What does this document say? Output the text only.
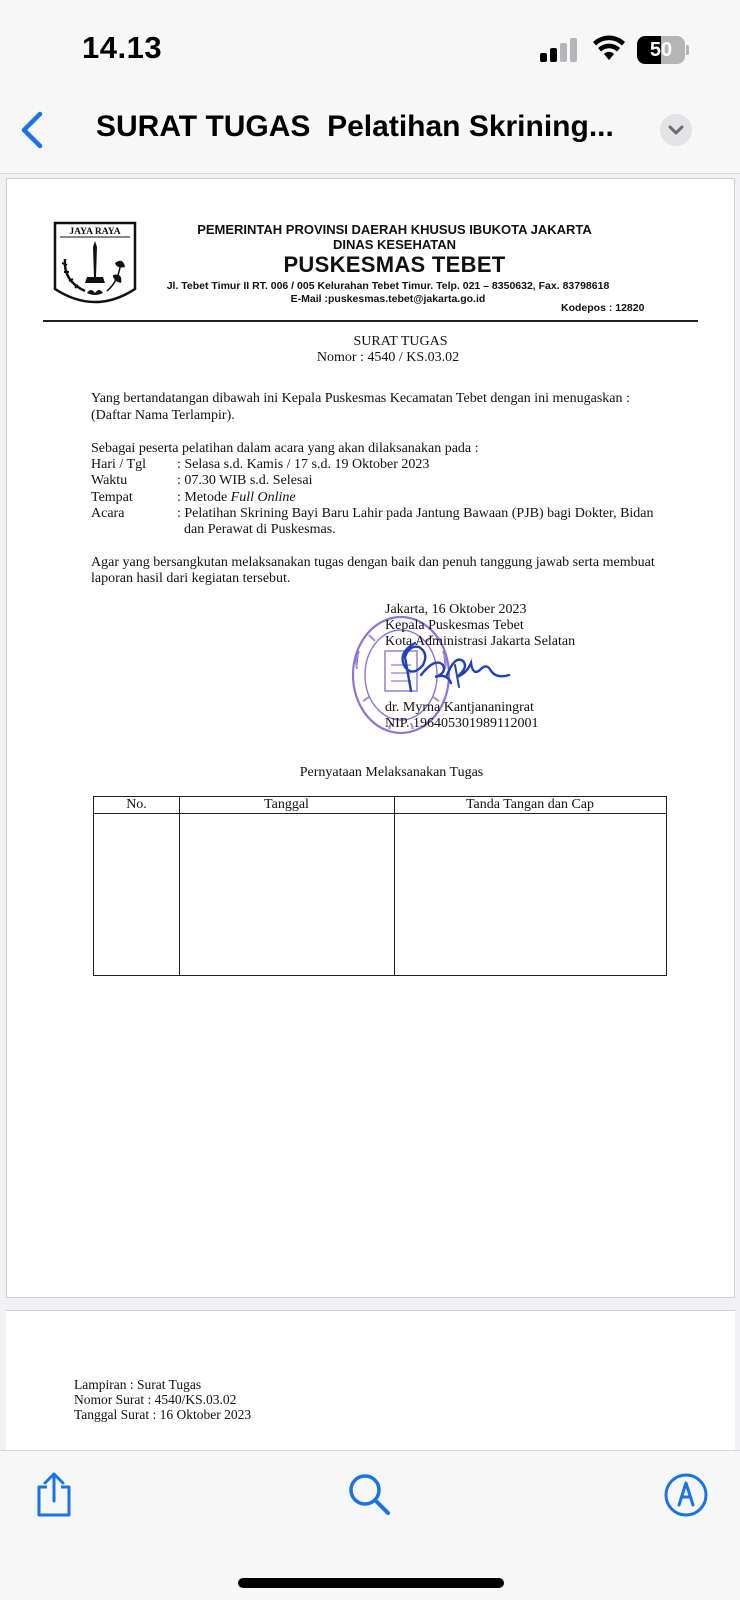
14.13	50
SURAT TUGAS  Pelatihan Skrining...
JAYA RAYA	PEMERINTAH PROVINSI DAERAH KHUSUS IBUKOTA JAKARTA
DINAS KESEHATAN
PUSKESMAS TEBET
Jl. Tebet Timur II RT. 006 / 005 Kelurahan Tebet Timur. Telp. 021 – 8350632, Fax. 83798618
E-Mail :puskesmas.tebet@jakarta.go.id
Kodepos : 12820
SURAT TUGAS
Nomor : 4540 / KS.03.02
Yang bertandatangan dibawah ini Kepala Puskesmas Kecamatan Tebet dengan ini menugaskan :
(Daftar Nama Terlampir).
Sebagai peserta pelatihan dalam acara yang akan dilaksanakan pada :
Hari / Tgl : Selasa s.d. Kamis / 17 s.d. 19 Oktober 2023
Waktu	: 07.30 WIB s.d. Selesai
Tempat	: Metode Full Online
Acara	: Pelatihan Skrining Bayi Baru Lahir pada Jantung Bawaan (PJB) bagi Dokter, Bidan
dan Perawat di Puskesmas.
Agar yang bersangkutan melaksanakan tugas dengan baik dan penuh tanggung jawab serta membuat
laporan hasil dari kegiatan tersebut.
Jakarta, 16 Oktober 2023
Kepala Puskesmas Tebet
Kota Administrasi Jakarta Selatan
dr. Myrna Kantjananingrat
NIP. 196405301989112001
Pernyataan Melaksanakan Tugas
No.	Tanggal	Tanda Tangan dan Cap
Lampiran : Surat Tugas
Nomor Surat : 4540/KS.03.02
Tanggal Surat : 16 Oktober 2023
